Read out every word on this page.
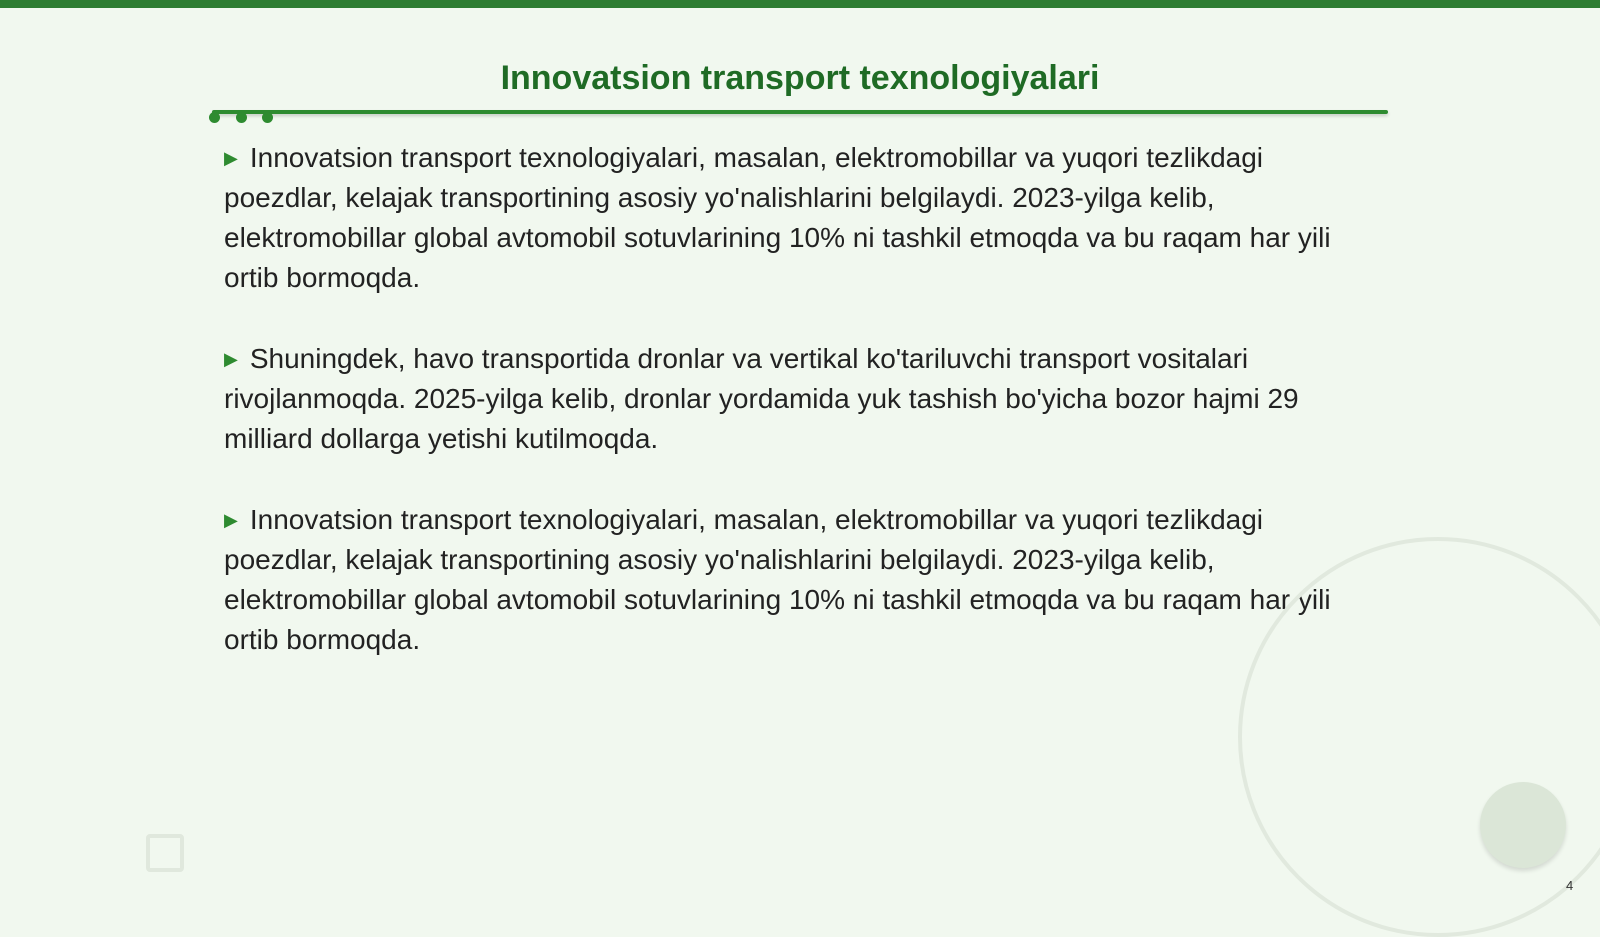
Innovatsion transport texnologiyalari

▶ Innovatsion transport texnologiyalari, masalan, elektromobillar va yuqori tezlikdagi poezdlar, kelajak transportining asosiy yo'nalishlarini belgilaydi. 2023-yilga kelib, elektromobillar global avtomobil sotuvlarining 10% ni tashkil etmoqda va bu raqam har yili ortib bormoqda.

▶ Shuningdek, havo transportida dronlar va vertikal ko'tariluvchi transport vositalari rivojlanmoqda. 2025-yilga kelib, dronlar yordamida yuk tashish bo'yicha bozor hajmi 29 milliard dollarga yetishi kutilmoqda.

▶ Innovatsion transport texnologiyalari, masalan, elektromobillar va yuqori tezlikdagi poezdlar, kelajak transportining asosiy yo'nalishlarini belgilaydi. 2023-yilga kelib, elektromobillar global avtomobil sotuvlarining 10% ni tashkil etmoqda va bu raqam har yili ortib bormoqda.

4
